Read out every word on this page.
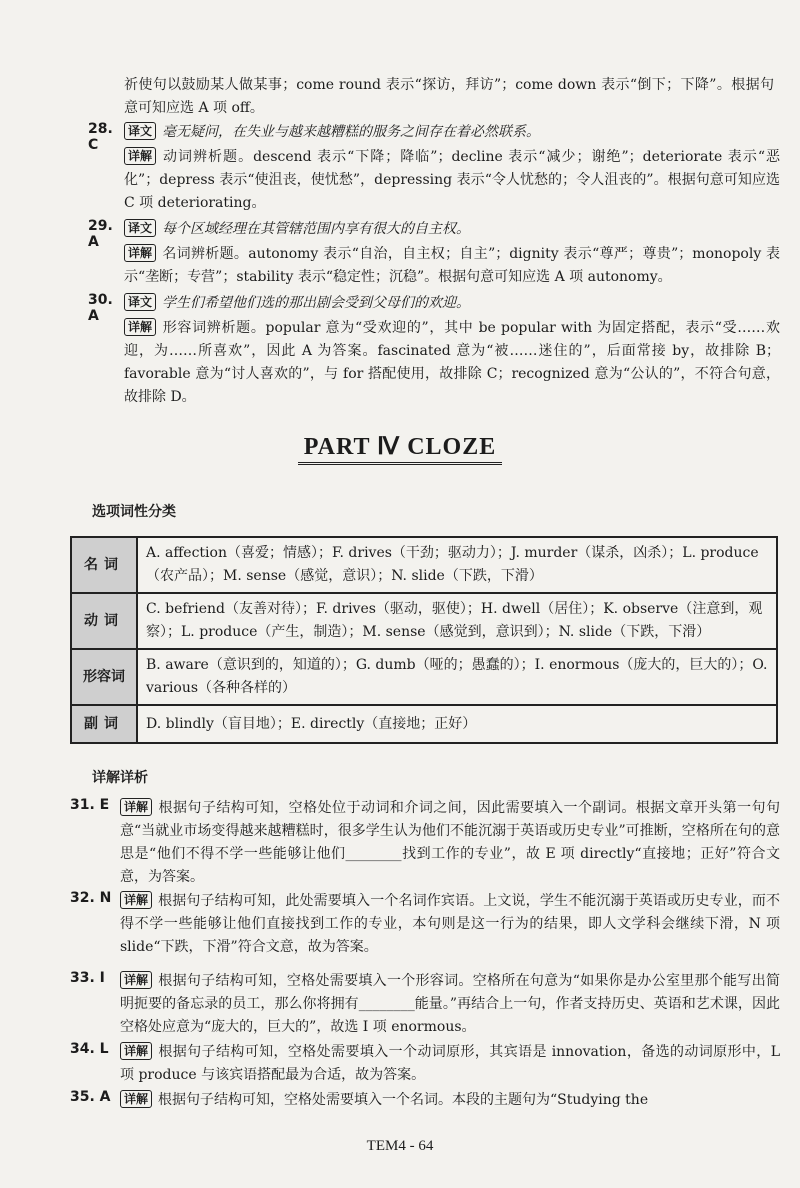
祈使句以鼓励某人做某事；come round 表示“探访，拜访”；come down 表示“倒下；下降”。根据句意可知应选 A 项 off。
28. C
译文 毫无疑问，在失业与越来越糟糕的服务之间存在着必然联系。
详解 动词辨析题。descend 表示“下降；降临”；decline 表示“减少；谢绝”；deteriorate 表示“恶化”；depress 表示“使沮丧，使忧愁”，depressing 表示“令人忧愁的；令人沮丧的”。根据句意可知应选 C 项 deteriorating。
29. A
译文 每个区域经理在其管辖范围内享有很大的自主权。
详解 名词辨析题。autonomy 表示“自治，自主权；自主”；dignity 表示“尊严；尊贵”；monopoly 表示“垄断；专营”；stability 表示“稳定性；沉稳”。根据句意可知应选 A 项 autonomy。
30. A
译文 学生们希望他们选的那出剧会受到父母们的欢迎。
详解 形容词辨析题。popular 意为“受欢迎的”，其中 be popular with 为固定搭配，表示“受……欢迎，为……所喜欢”，因此 A 为答案。fascinated 意为“被……迷住的”，后面常接 by，故排除 B；favorable 意为“讨人喜欢的”，与 for 搭配使用，故排除 C；recognized 意为“公认的”，不符合句意，故排除 D。
PART Ⅳ CLOZE
选项词性分类
名词	A. affection（喜爱；情感）；F. drives（干劲；驱动力）；J. murder（谋杀，凶杀）；L. produce（农产品）；M. sense（感觉，意识）；N. slide（下跌，下滑）
动词	C. befriend（友善对待）；F. drives（驱动，驱使）；H. dwell（居住）；K. observe（注意到，观察）；L. produce（产生，制造）；M. sense（感觉到，意识到）；N. slide（下跌，下滑）
形容词	B. aware（意识到的，知道的）；G. dumb（哑的；愚蠢的）；I. enormous（庞大的，巨大的）；O. various（各种各样的）
副词	D. blindly（盲目地）；E. directly（直接地；正好）
详解详析
31. E	详解 根据句子结构可知，空格处位于动词和介词之间，因此需要填入一个副词。根据文章开头第一句句意“当就业市场变得越来越糟糕时，很多学生认为他们不能沉溺于英语或历史专业”可推断，空格所在句的意思是“他们不得不学一些能够让他们________找到工作的专业”，故 E 项 directly“直接地；正好”符合文意，为答案。
32. N	详解 根据句子结构可知，此处需要填入一个名词作宾语。上文说，学生不能沉溺于英语或历史专业，而不得不学一些能够让他们直接找到工作的专业，本句则是这一行为的结果，即人文学科会继续下滑，N 项 slide“下跌，下滑”符合文意，故为答案。
33. I	详解 根据句子结构可知，空格处需要填入一个形容词。空格所在句意为“如果你是办公室里那个能写出简明扼要的备忘录的员工，那么你将拥有________能量。”再结合上一句，作者支持历史、英语和艺术课，因此空格处应意为“庞大的，巨大的”，故选 I 项 enormous。
34. L	详解 根据句子结构可知，空格处需要填入一个动词原形，其宾语是 innovation，备选的动词原形中，L 项 produce 与该宾语搭配最为合适，故为答案。
35. A	详解 根据句子结构可知，空格处需要填入一个名词。本段的主题句为“Studying the
TEM4 - 64
